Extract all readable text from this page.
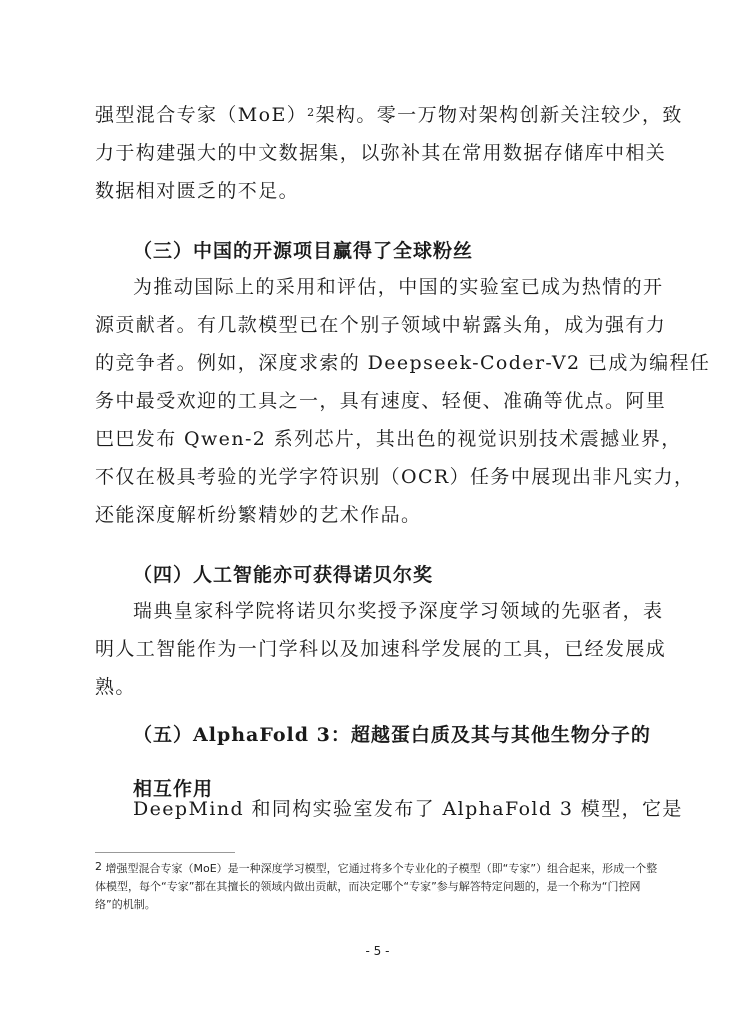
强型混合专家（MoE）$^2$架构。零一万物对架构创新关注较少，致
力于构建强大的中文数据集，以弥补其在常用数据存储库中相关
数据相对匮乏的不足。

（三）中国的开源项目赢得了全球粉丝

为推动国际上的采用和评估，中国的实验室已成为热情的开
源贡献者。有几款模型已在个别子领域中崭露头角，成为强有力
的竞争者。例如，深度求索的 Deepseek-Coder-V2 已成为编程任
务中最受欢迎的工具之一，具有速度、轻便、准确等优点。阿里
巴巴发布 Qwen-2 系列芯片，其出色的视觉识别技术震撼业界，
不仅在极具考验的光学字符识别（OCR）任务中展现出非凡实力，
还能深度解析纷繁精妙的艺术作品。

（四）人工智能亦可获得诺贝尔奖

瑞典皇家科学院将诺贝尔奖授予深度学习领域的先驱者，表
明人工智能作为一门学科以及加速科学发展的工具，已经发展成
熟。

（五）AlphaFold 3：超越蛋白质及其与其他生物分子的相互作用

DeepMind 和同构实验室发布了 AlphaFold 3 模型，它是

$^2$ 增强型混合专家（MoE）是一种深度学习模型，它通过将多个专业化的子模型（即“专家”）组合起来，形成一个整体模型，每个“专家”都在其擅长的领域内做出贡献，而决定哪个“专家”参与解答特定问题的，是一个称为“门控网络”的机制。

- 5 -
